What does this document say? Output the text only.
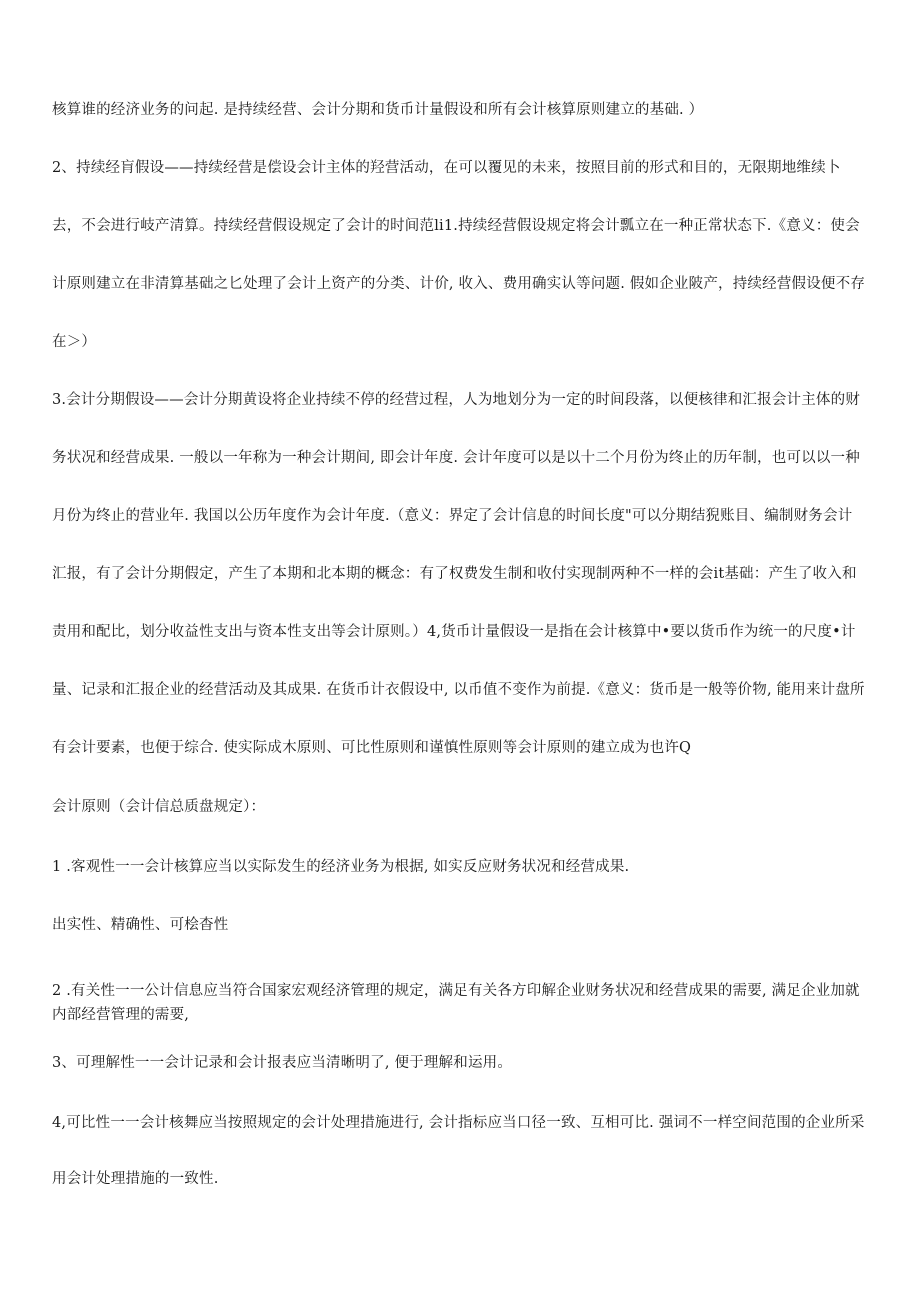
核算谁的经济业务的问起. 是持续经营、会计分期和货币计量假设和所有会计核算原则建立的基础. ）
2、持续经肓假设——持续经营是偿设会计主体的羟营活动，在可以覆见的未来，按照目前的形式和目的，无限期地维续卜
去，不会进行岐产清算。持续经营假设规定了会计的时间范li1.持续经营假设规定将会计瓢立在一种正常状态下.《意义：使会
计原则建立在非清算基础之匕处理了会计上资产的分类、计价, 收入、费用确实认等问题. 假如企业陂产，持续经营假设便不存
在＞）
3.会计分期假设——会计分期黄设将企业持续不停的经营过程，人为地划分为一定的时间段落，以便核律和汇报会计主体的财
务状况和经营成果. 一般以一年称为一种会计期间, 即会计年度. 会计年度可以是以十二个月份为终止的历年制，也可以以一种
月份为终止的营业年. 我国以公历年度作为会计年度.（意义：界定了会计信息的时间长度"可以分期结猊账目、编制财务会计
汇报，有了会计分期假定，产生了本期和北本期的概念：有了权费发生制和收付实现制两种不一样的会it基础：产生了收入和
责用和配比，划分收益性支出与资本性支出等会计原则。）4,货币计量假设一是指在会计核算中•要以货币作为统一的尺度•计
量、记录和汇报企业的经营活动及其成果. 在货币计衣假设中, 以币值不变作为前提.《意义：货币是一般等价物, 能用来计盘所
有会计要素，也便于综合. 使实际成木原则、可比性原则和谨慎性原则等会计原则的建立成为也许Q
会计原则（会计信总质盘规定）：
1 .客观性一一会计核算应当以实际发生的经济业务为根据, 如实反应财务状况和经营成果.
出实性、精确性、可桧杳性
2 .有关性一一公计信息应当符合国家宏观经济管理的规定，满足有关各方印解企业财务状况和经营成果的需要, 满足企业加就内部经营管理的需要,
3、可理解性一一会计记录和会计报表应当清晰明了, 便于理解和运用。
4,可比性一一会计核舞应当按照规定的会计处理措施进行, 会计指标应当口径一致、互相可比. 强词不一样空间范围的企业所采
用会计处理措施的一致性.
